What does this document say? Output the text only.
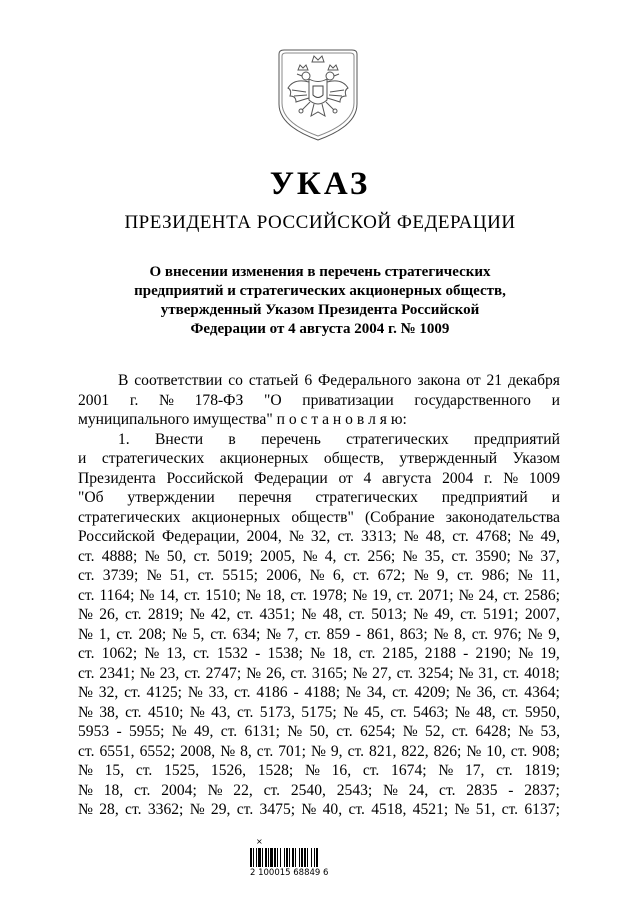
УКАЗ
ПРЕЗИДЕНТА РОССИЙСКОЙ ФЕДЕРАЦИИ
О внесении изменения в перечень стратегических
предприятий и стратегических акционерных обществ,
утвержденный Указом Президента Российской
Федерации от 4 августа 2004 г. № 1009
В соответствии со статьей 6 Федерального закона от 21 декабря
2001 г. № 178-ФЗ "О приватизации государственного и
муниципального имущества" п о с т а н о в л я ю:
1. Внести в перечень стратегических предприятий
и стратегических акционерных обществ, утвержденный Указом
Президента Российской Федерации от 4 августа 2004 г. № 1009
"Об утверждении перечня стратегических предприятий и
стратегических акционерных обществ" (Собрание законодательства
Российской Федерации, 2004, № 32, ст. 3313; № 48, ст. 4768; № 49,
ст. 4888; № 50, ст. 5019; 2005, № 4, ст. 256; № 35, ст. 3590; № 37,
ст. 3739; № 51, ст. 5515; 2006, № 6, ст. 672; № 9, ст. 986; № 11,
ст. 1164; № 14, ст. 1510; № 18, ст. 1978; № 19, ст. 2071; № 24, ст. 2586;
№ 26, ст. 2819; № 42, ст. 4351; № 48, ст. 5013; № 49, ст. 5191; 2007,
№ 1, ст. 208; № 5, ст. 634; № 7, ст. 859 - 861, 863; № 8, ст. 976; № 9,
ст. 1062; № 13, ст. 1532 - 1538; № 18, ст. 2185, 2188 - 2190; № 19,
ст. 2341; № 23, ст. 2747; № 26, ст. 3165; № 27, ст. 3254; № 31, ст. 4018;
№ 32, ст. 4125; № 33, ст. 4186 - 4188; № 34, ст. 4209; № 36, ст. 4364;
№ 38, ст. 4510; № 43, ст. 5173, 5175; № 45, ст. 5463; № 48, ст. 5950,
5953 - 5955; № 49, ст. 6131; № 50, ст. 6254; № 52, ст. 6428; № 53,
ст. 6551, 6552; 2008, № 8, ст. 701; № 9, ст. 821, 822, 826; № 10, ст. 908;
№ 15, ст. 1525, 1526, 1528; № 16, ст. 1674; № 17, ст. 1819;
№ 18, ст. 2004; № 22, ст. 2540, 2543; № 24, ст. 2835 - 2837;
№ 28, ст. 3362; № 29, ст. 3475; № 40, ст. 4518, 4521; № 51, ст. 6137;
×
2 100015 68849 6
